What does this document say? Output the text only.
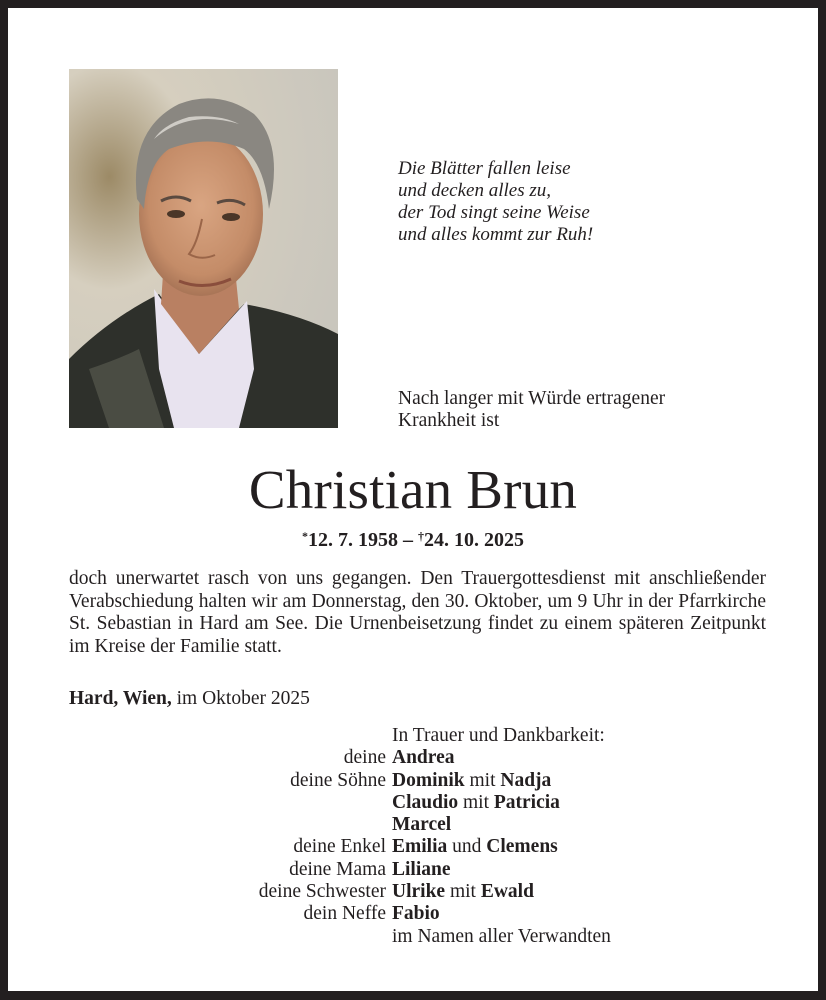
Die Blätter fallen leise
und decken alles zu,
der Tod singt seine Weise
und alles kommt zur Ruh!
Nach langer mit Würde ertragener
Krankheit ist
Christian Brun
*12. 7. 1958 – †24. 10. 2025
doch unerwartet rasch von uns gegangen. Den Trauergottesdienst mit anschließender Verabschiedung halten wir am Donnerstag, den 30. Oktober, um 9 Uhr in der Pfarrkirche St. Sebastian in Hard am See. Die Urnenbeisetzung findet zu einem späteren Zeitpunkt im Kreise der Familie statt.
Hard, Wien, im Oktober 2025
In Trauer und Dankbarkeit:
deine Andrea
deine Söhne Dominik mit Nadja
Claudio mit Patricia
Marcel
deine Enkel Emilia und Clemens
deine Mama Liliane
deine Schwester Ulrike mit Ewald
dein Neffe Fabio
im Namen aller Verwandten
